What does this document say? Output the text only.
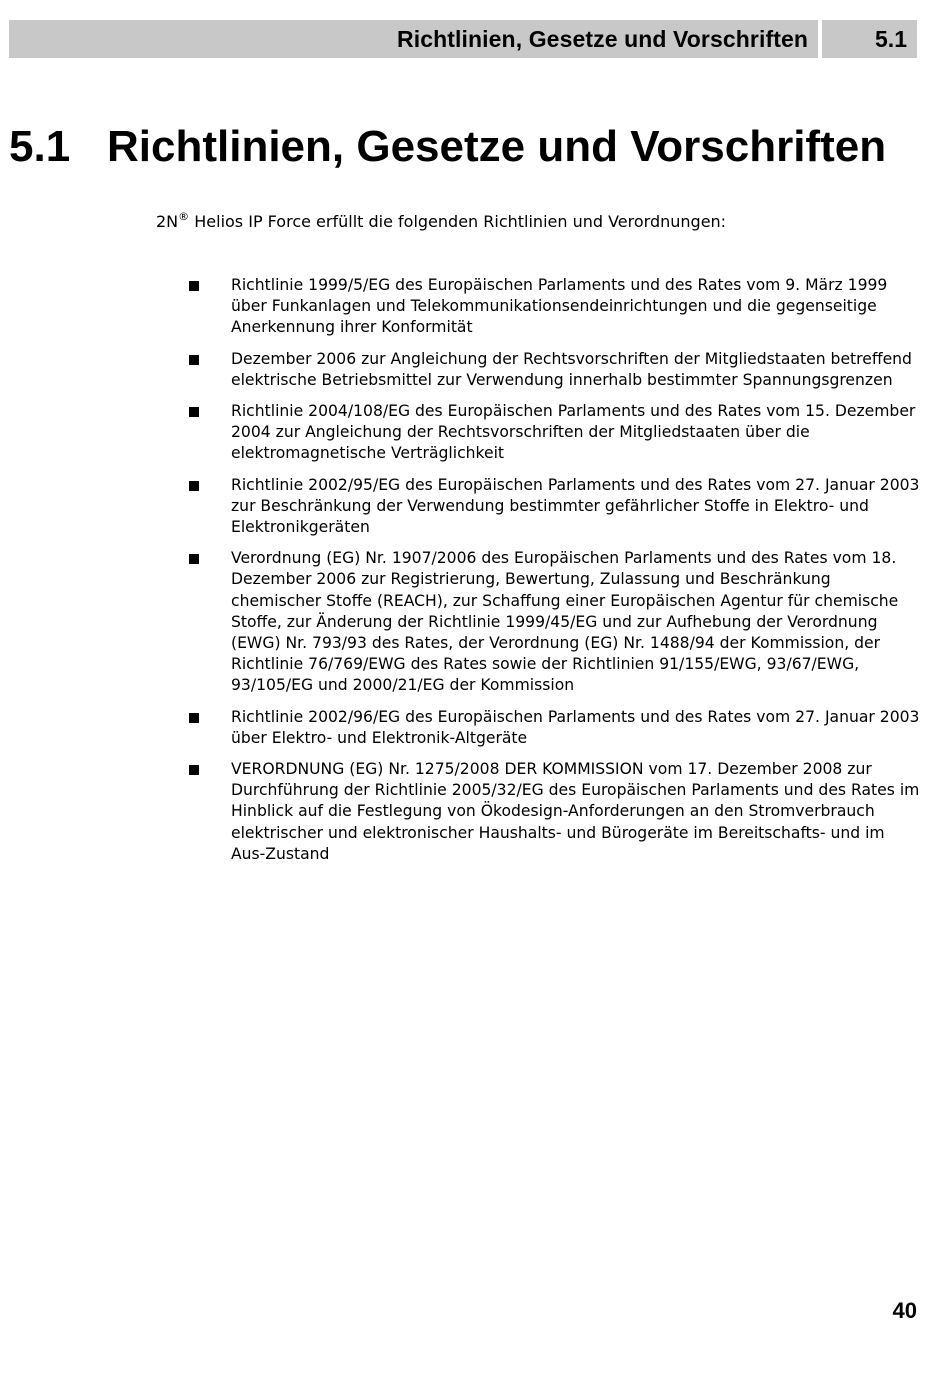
Richtlinien, Gesetze und Vorschriften	5.1
5.1 Richtlinien, Gesetze und Vorschriften
2N® Helios IP Force erfüllt die folgenden Richtlinien und Verordnungen:
Richtlinie 1999/5/EG des Europäischen Parlaments und des Rates vom 9. März 1999 über Funkanlagen und Telekommunikationsendeinrichtungen und die gegenseitige Anerkennung ihrer Konformität
Dezember 2006 zur Angleichung der Rechtsvorschriften der Mitgliedstaaten betreffend elektrische Betriebsmittel zur Verwendung innerhalb bestimmter Spannungsgrenzen
Richtlinie 2004/108/EG des Europäischen Parlaments und des Rates vom 15. Dezember 2004 zur Angleichung der Rechtsvorschriften der Mitgliedstaaten über die elektromagnetische Verträglichkeit
Richtlinie 2002/95/EG des Europäischen Parlaments und des Rates vom 27. Januar 2003 zur Beschränkung der Verwendung bestimmter gefährlicher Stoffe in Elektro- und Elektronikgeräten
Verordnung (EG) Nr. 1907/2006 des Europäischen Parlaments und des Rates vom 18. Dezember 2006 zur Registrierung, Bewertung, Zulassung und Beschränkung chemischer Stoffe (REACH), zur Schaffung einer Europäischen Agentur für chemische Stoffe, zur Änderung der Richtlinie 1999/45/EG und zur Aufhebung der Verordnung (EWG) Nr. 793/93 des Rates, der Verordnung (EG) Nr. 1488/94 der Kommission, der Richtlinie 76/769/EWG des Rates sowie der Richtlinien 91/155/EWG, 93/67/EWG, 93/105/EG und 2000/21/EG der Kommission
Richtlinie 2002/96/EG des Europäischen Parlaments und des Rates vom 27. Januar 2003 über Elektro- und Elektronik-Altgeräte
VERORDNUNG (EG) Nr. 1275/2008 DER KOMMISSION vom 17. Dezember 2008 zur Durchführung der Richtlinie 2005/32/EG des Europäischen Parlaments und des Rates im Hinblick auf die Festlegung von Ökodesign-Anforderungen an den Stromverbrauch elektrischer und elektronischer Haushalts- und Bürogeräte im Bereitschafts- und im Aus-Zustand
40
